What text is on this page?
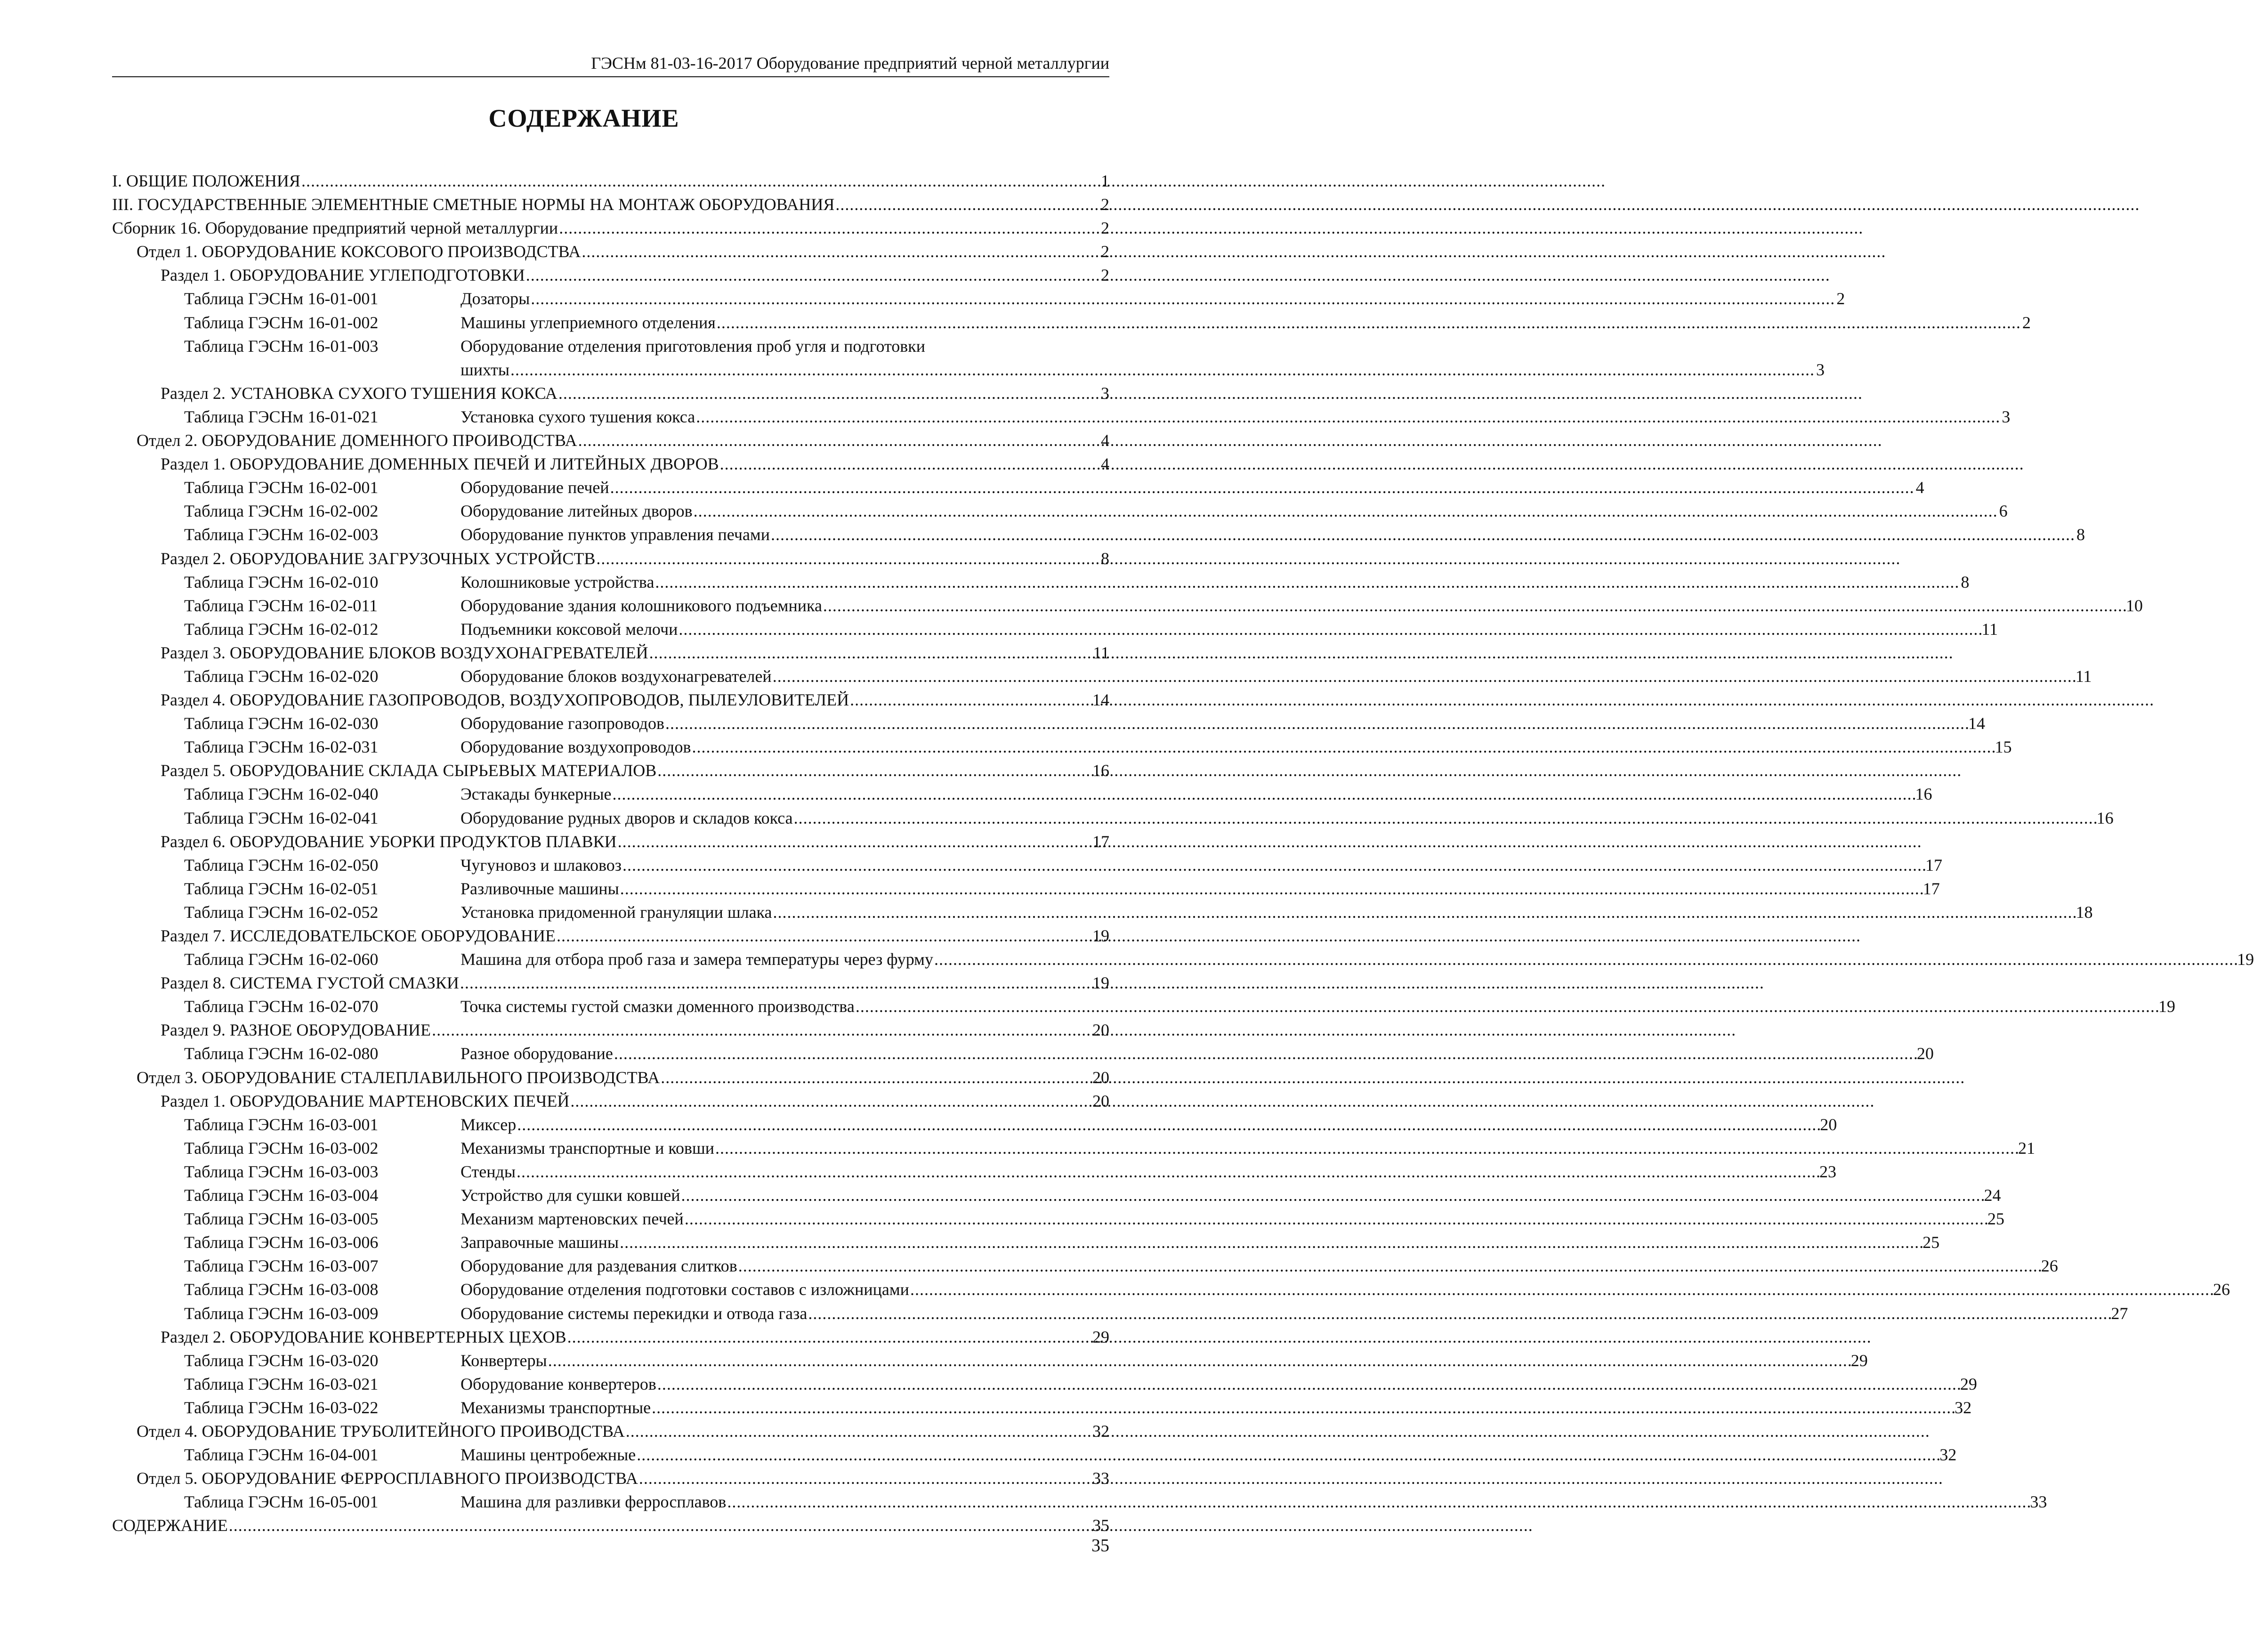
ГЭСНм 81-03-16-2017 Оборудование предприятий черной металлургии
СОДЕРЖАНИЕ
I. ОБЩИЕ ПОЛОЖЕНИЯ . . .	1
III. ГОСУДАРСТВЕННЫЕ ЭЛЕМЕНТНЫЕ СМЕТНЫЕ НОРМЫ НА МОНТАЖ ОБОРУДОВАНИЯ . . .	2
Сборник 16. Оборудование предприятий черной металлургии . . .	2
Отдел 1. ОБОРУДОВАНИЕ КОКСОВОГО ПРОИЗВОДСТВА . . .	2
Раздел 1. ОБОРУДОВАНИЕ УГЛЕПОДГОТОВКИ . . .	2
Таблица ГЭСНм 16-01-001	Дозаторы . . .	2
Таблица ГЭСНм 16-01-002	Машины углеприемного отделения . . .	2
Таблица ГЭСНм 16-01-003	Оборудование отделения приготовления проб угля и подготовки
шихты . . .	3
Раздел 2. УСТАНОВКА СУХОГО ТУШЕНИЯ КОКСА . . .	3
Таблица ГЭСНм 16-01-021	Установка сухого тушения кокса . . .	3
Отдел 2. ОБОРУДОВАНИЕ ДОМЕННОГО ПРОИВОДСТВА . . .	4
Раздел 1. ОБОРУДОВАНИЕ ДОМЕННЫХ ПЕЧЕЙ И ЛИТЕЙНЫХ ДВОРОВ . . .	4
Таблица ГЭСНм 16-02-001	Оборудование печей . . .	4
Таблица ГЭСНм 16-02-002	Оборудование литейных дворов . . .	6
Таблица ГЭСНм 16-02-003	Оборудование пунктов управления печами . . .	8
Раздел 2. ОБОРУДОВАНИЕ ЗАГРУЗОЧНЫХ УСТРОЙСТВ . . .	8
Таблица ГЭСНм 16-02-010	Колошниковые устройства . . .	8
Таблица ГЭСНм 16-02-011	Оборудование здания колошникового подъемника . . .	10
Таблица ГЭСНм 16-02-012	Подъемники коксовой мелочи . . .	11
Раздел 3. ОБОРУДОВАНИЕ БЛОКОВ ВОЗДУХОНАГРЕВАТЕЛЕЙ . . .	11
Таблица ГЭСНм 16-02-020	Оборудование блоков воздухонагревателей . . .	11
Раздел 4. ОБОРУДОВАНИЕ ГАЗОПРОВОДОВ, ВОЗДУХОПРОВОДОВ, ПЫЛЕУЛОВИТЕЛЕЙ . . .	14
Таблица ГЭСНм 16-02-030	Оборудование газопроводов . . .	14
Таблица ГЭСНм 16-02-031	Оборудование воздухопроводов . . .	15
Раздел 5. ОБОРУДОВАНИЕ СКЛАДА СЫРЬЕВЫХ МАТЕРИАЛОВ . . .	16
Таблица ГЭСНм 16-02-040	Эстакады бункерные . . .	16
Таблица ГЭСНм 16-02-041	Оборудование рудных дворов и складов кокса . . .	16
Раздел 6. ОБОРУДОВАНИЕ УБОРКИ ПРОДУКТОВ ПЛАВКИ . . .	17
Таблица ГЭСНм 16-02-050	Чугуновоз и шлаковоз . . .	17
Таблица ГЭСНм 16-02-051	Разливочные машины . . .	17
Таблица ГЭСНм 16-02-052	Установка придоменной грануляции шлака . . .	18
Раздел 7. ИССЛЕДОВАТЕЛЬСКОЕ ОБОРУДОВАНИЕ . . .	19
Таблица ГЭСНм 16-02-060	Машина для отбора проб газа и замера температуры через фурму . . .	19
Раздел 8. СИСТЕМА ГУСТОЙ СМАЗКИ . . .	19
Таблица ГЭСНм 16-02-070	Точка системы густой смазки доменного производства . . .	19
Раздел 9. РАЗНОЕ ОБОРУДОВАНИЕ . . .	20
Таблица ГЭСНм 16-02-080	Разное оборудование . . .	20
Отдел 3. ОБОРУДОВАНИЕ СТАЛЕПЛАВИЛЬНОГО ПРОИЗВОДСТВА . . .	20
Раздел 1. ОБОРУДОВАНИЕ МАРТЕНОВСКИХ ПЕЧЕЙ . . .	20
Таблица ГЭСНм 16-03-001	Миксер . . .	20
Таблица ГЭСНм 16-03-002	Механизмы транспортные и ковши . . .	21
Таблица ГЭСНм 16-03-003	Стенды . . .	23
Таблица ГЭСНм 16-03-004	Устройство для сушки ковшей . . .	24
Таблица ГЭСНм 16-03-005	Механизм мартеновских печей . . .	25
Таблица ГЭСНм 16-03-006	Заправочные машины . . .	25
Таблица ГЭСНм 16-03-007	Оборудование для раздевания слитков . . .	26
Таблица ГЭСНм 16-03-008	Оборудование отделения подготовки составов с изложницами . . .	26
Таблица ГЭСНм 16-03-009	Оборудование системы перекидки и отвода газа . . .	27
Раздел 2. ОБОРУДОВАНИЕ КОНВЕРТЕРНЫХ ЦЕХОВ . . .	29
Таблица ГЭСНм 16-03-020	Конвертеры . . .	29
Таблица ГЭСНм 16-03-021	Оборудование конвертеров . . .	29
Таблица ГЭСНм 16-03-022	Механизмы транспортные . . .	32
Отдел 4. ОБОРУДОВАНИЕ ТРУБОЛИТЕЙНОГО ПРОИВОДСТВА . . .	32
Таблица ГЭСНм 16-04-001	Машины центробежные . . .	32
Отдел 5. ОБОРУДОВАНИЕ ФЕРРОСПЛАВНОГО ПРОИЗВОДСТВА . . .	33
Таблица ГЭСНм 16-05-001	Машина для разливки ферросплавов . . .	33
СОДЕРЖАНИЕ . . .	35
35
